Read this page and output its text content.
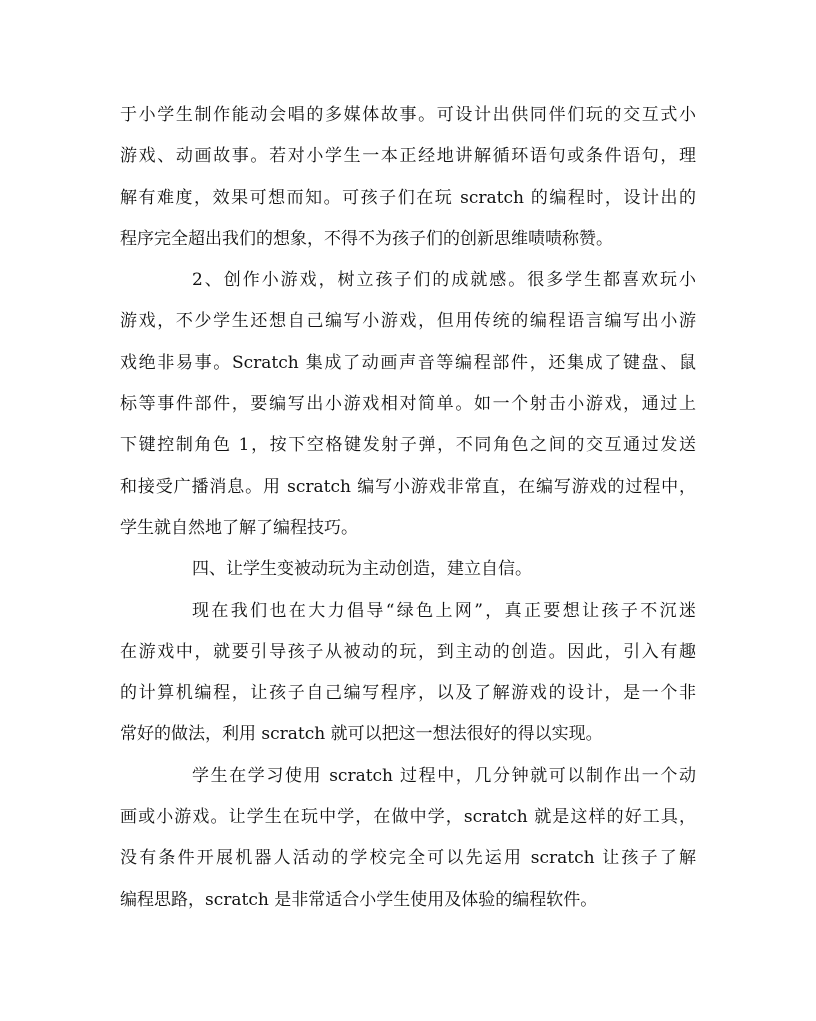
于小学生制作能动会唱的多媒体故事。可设计出供同伴们玩的交互式小
游戏、动画故事。若对小学生一本正经地讲解循环语句或条件语句，理
解有难度，效果可想而知。可孩子们在玩 scratch 的编程时，设计出的
程序完全超出我们的想象，不得不为孩子们的创新思维啧啧称赞。
2、创作小游戏，树立孩子们的成就感。很多学生都喜欢玩小
游戏，不少学生还想自己编写小游戏，但用传统的编程语言编写出小游
戏绝非易事。Scratch 集成了动画声音等编程部件，还集成了键盘、鼠
标等事件部件，要编写出小游戏相对简单。如一个射击小游戏，通过上
下键控制角色 1，按下空格键发射子弹，不同角色之间的交互通过发送
和接受广播消息。用 scratch 编写小游戏非常直，在编写游戏的过程中，
学生就自然地了解了编程技巧。
四、让学生变被动玩为主动创造，建立自信。
现在我们也在大力倡导“绿色上网”，真正要想让孩子不沉迷
在游戏中，就要引导孩子从被动的玩，到主动的创造。因此，引入有趣
的计算机编程，让孩子自己编写程序，以及了解游戏的设计，是一个非
常好的做法，利用 scratch 就可以把这一想法很好的得以实现。
学生在学习使用 scratch 过程中，几分钟就可以制作出一个动
画或小游戏。让学生在玩中学，在做中学，scratch 就是这样的好工具，
没有条件开展机器人活动的学校完全可以先运用 scratch 让孩子了解
编程思路，scratch 是非常适合小学生使用及体验的编程软件。
